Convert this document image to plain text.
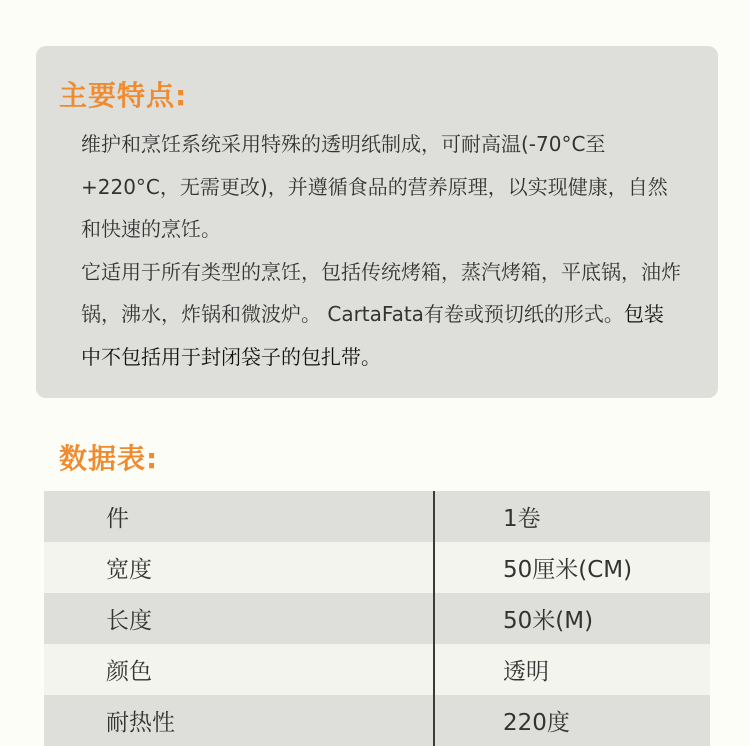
主要特点:

维护和烹饪系统采用特殊的透明纸制成，可耐高温(-70°C至+220°C，无需更改)，并遵循食品的营养原理，以实现健康，自然和快速的烹饪。

它适用于所有类型的烹饪，包括传统烤箱，蒸汽烤箱，平底锅，油炸锅，沸水，炸锅和微波炉。 CartaFata有卷或预切纸的形式。包装中不包括用于封闭袋子的包扎带。

数据表:
件	1卷
宽度	50厘米(CM)
长度	50米(M)
颜色	透明
耐热性	220度
